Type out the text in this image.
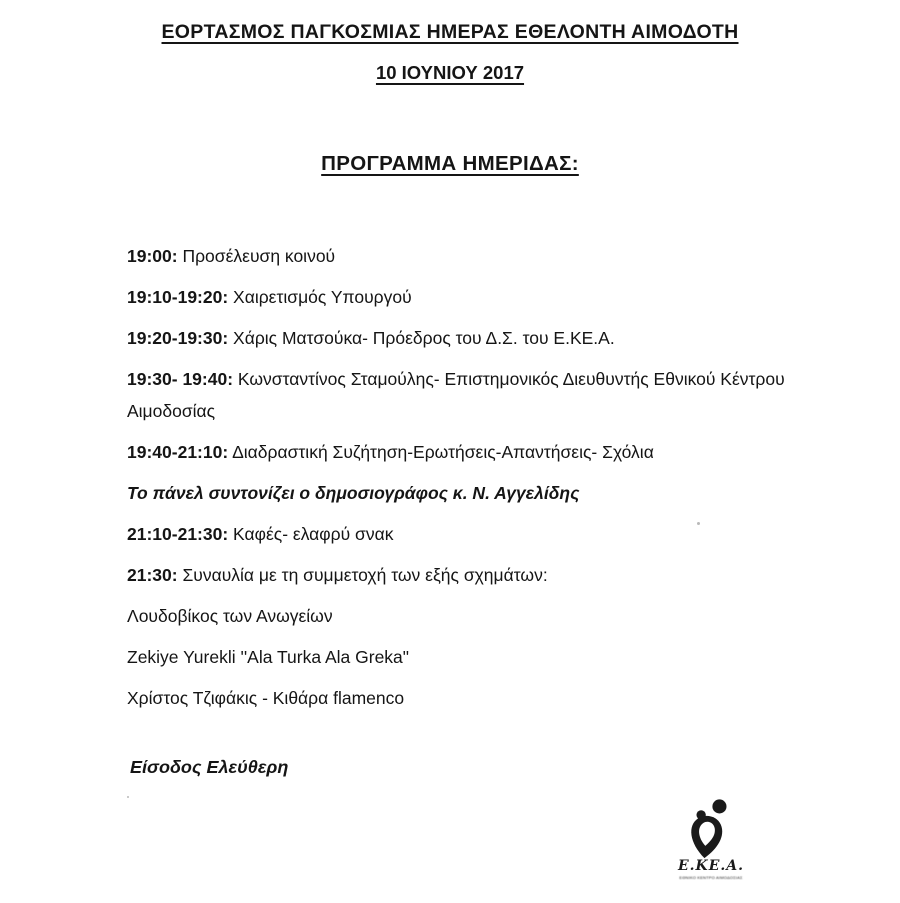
ΕΟΡΤΑΣΜΟΣ ΠΑΓΚΟΣΜΙΑΣ ΗΜΕΡΑΣ ΕΘΕΛΟΝΤΗ ΑΙΜΟΔΟΤΗ
10 ΙΟΥΝΙΟΥ 2017
ΠΡΟΓΡΑΜΜΑ ΗΜΕΡΙΔΑΣ:

19:00: Προσέλευση κοινού

19:10-19:20: Χαιρετισμός Υπουργού

19:20-19:30: Χάρις Ματσούκα- Πρόεδρος του Δ.Σ. του Ε.ΚΕ.Α.

19:30- 19:40: Κωνσταντίνος Σταμούλης- Επιστημονικός Διευθυντής Εθνικού Κέντρου Αιμοδοσίας

19:40-21:10: Διαδραστική Συζήτηση-Ερωτήσεις-Απαντήσεις- Σχόλια

Το πάνελ συντονίζει ο δημοσιογράφος κ. Ν. Αγγελίδης

21:10-21:30: Καφές- ελαφρύ σνακ

21:30: Συναυλία με τη συμμετοχή των εξής σχημάτων:

Λουδοβίκος των Ανωγείων

Zekiye Yurekli ''Ala Turka Ala Greka"

Χρίστος Τζιφάκις - Κιθάρα flamenco

Είσοδος Ελεύθερη
Ε.ΚΕ.Α.
ΕΘΝΙΚΟ ΚΕΝΤΡΟ ΑΙΜΟΔΟΣΙΑΣ
